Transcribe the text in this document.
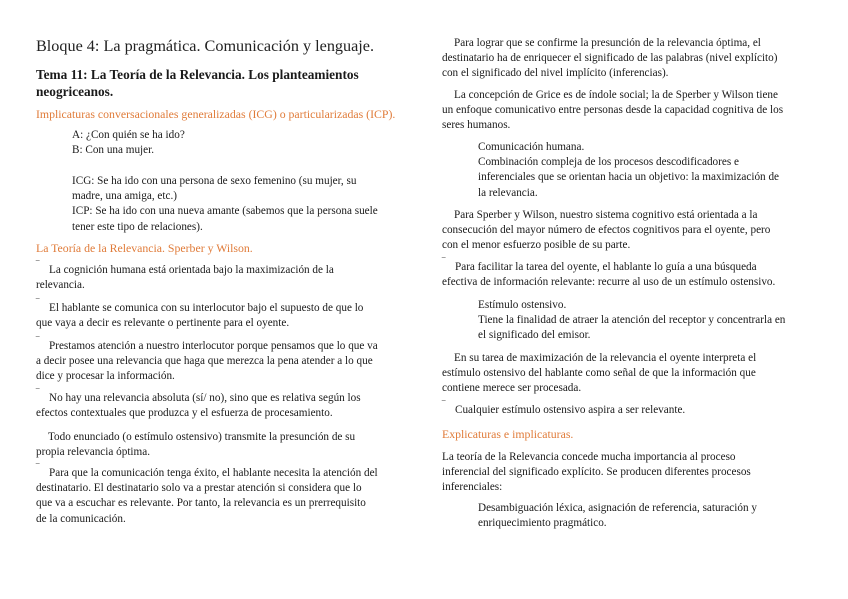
Bloque 4: La pragmática. Comunicación y lenguaje.
Tema 11: La Teoría de la Relevancia. Los planteamientos
neogriceanos.
Implicaturas conversacionales generalizadas (ICG) o particularizadas (ICP).
A: ¿Con quién se ha ido?
B: Con una mujer.
ICG: Se ha ido con una persona de sexo femenino (su mujer, su
madre, una amiga, etc.)
ICP: Se ha ido con una nueva amante (sabemos que la persona suele
tener este tipo de relaciones).
La Teoría de la Relevancia. Sperber y Wilson.
‾ La cognición humana está orientada bajo la maximización de la
relevancia.
‾ El hablante se comunica con su interlocutor bajo el supuesto de que lo
que vaya a decir es relevante o pertinente para el oyente.
‾ Prestamos atención a nuestro interlocutor porque pensamos que lo que va
a decir posee una relevancia que haga que merezca la pena atender a lo que
dice y procesar la información.
‾ No hay una relevancia absoluta (sí/ no), sino que es relativa según los
efectos contextuales que produzca y el esfuerza de procesamiento.
Todo enunciado (o estímulo ostensivo) transmite la presunción de su
propia relevancia óptima.
‾ Para que la comunicación tenga éxito, el hablante necesita la atención del
destinatario. El destinatario solo va a prestar atención si considera que lo
que va a escuchar es relevante. Por tanto, la relevancia es un prerrequisito
de la comunicación.
Para lograr que se confirme la presunción de la relevancia óptima, el
destinatario ha de enriquecer el significado de las palabras (nivel explícito)
con el significado del nivel implícito (inferencias).
La concepción de Grice es de índole social; la de Sperber y Wilson tiene
un enfoque comunicativo entre personas desde la capacidad cognitiva de los
seres humanos.
Comunicación humana.
Combinación compleja de los procesos descodificadores e
inferenciales que se orientan hacia un objetivo: la maximización de
la relevancia.
Para Sperber y Wilson, nuestro sistema cognitivo está orientada a la
consecución del mayor número de efectos cognitivos para el oyente, pero
con el menor esfuerzo posible de su parte.
‾ Para facilitar la tarea del oyente, el hablante lo guía a una búsqueda
efectiva de información relevante: recurre al uso de un estímulo ostensivo.
Estímulo ostensivo.
Tiene la finalidad de atraer la atención del receptor y concentrarla en
el significado del emisor.
En su tarea de maximización de la relevancia el oyente interpreta el
estímulo ostensivo del hablante como señal de que la información que
contiene merece ser procesada.
‾ Cualquier estímulo ostensivo aspira a ser relevante.
Explicaturas e implicaturas.
La teoría de la Relevancia concede mucha importancia al proceso
inferencial del significado explícito. Se producen diferentes procesos
inferenciales:
Desambiguación léxica, asignación de referencia, saturación y
enriquecimiento pragmático.
